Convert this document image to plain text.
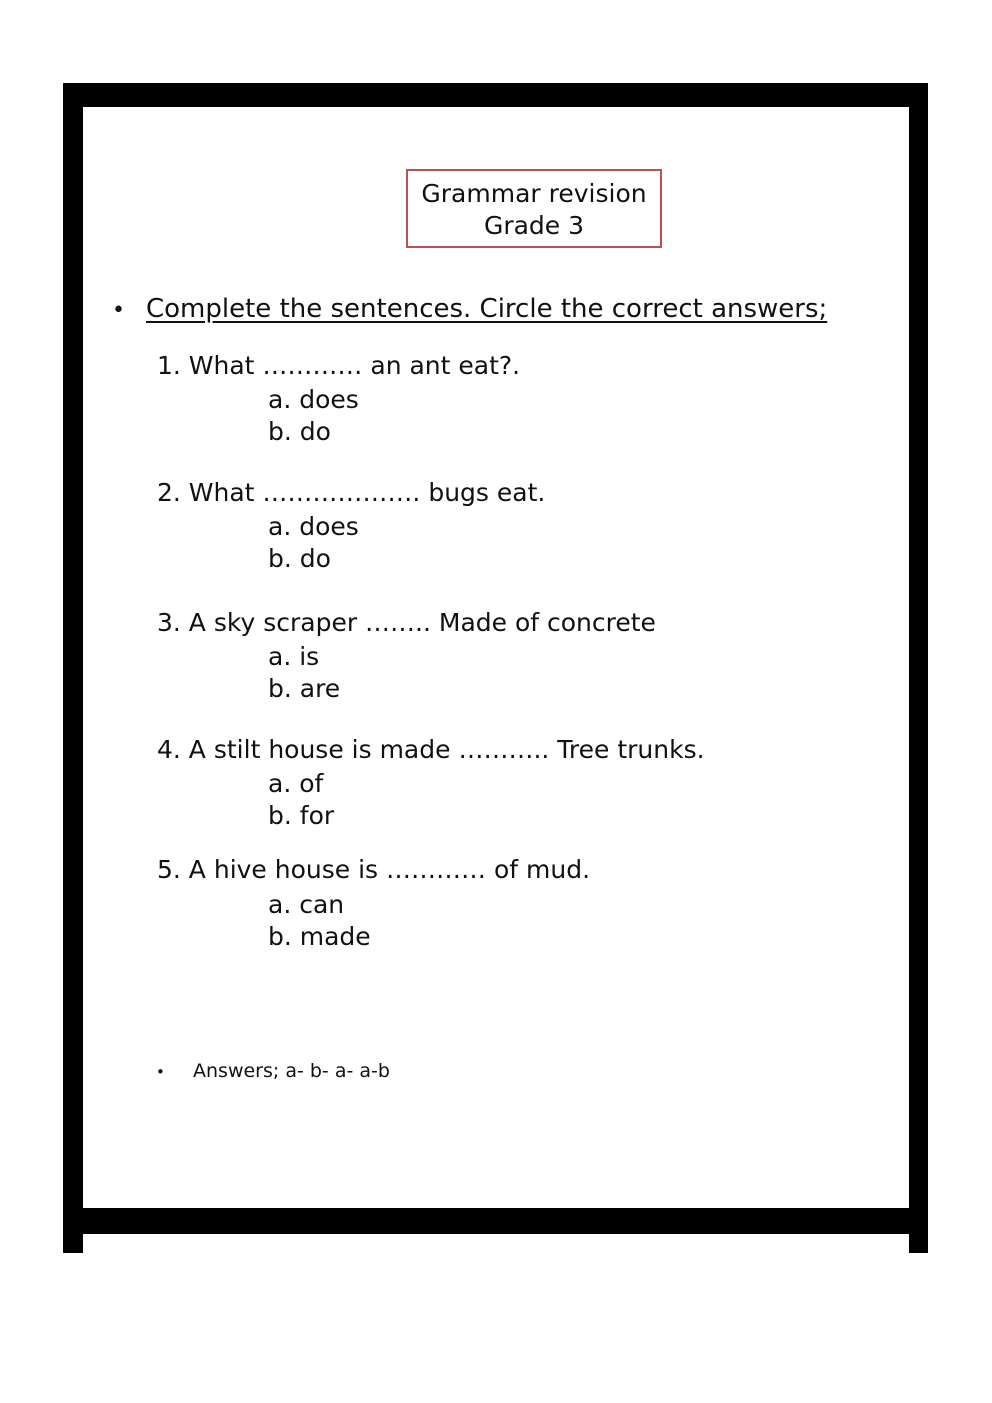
Grammar revision
Grade 3
• Complete the sentences. Circle the correct answers;
1. What ………… an ant eat?.
a. does
b. do
2. What ………………. bugs eat.
a. does
b. do
3. A sky scraper …….. Made of concrete
a. is
b. are
4. A stilt house is made ……….. Tree trunks.
a. of
b. for
5. A hive house is ………… of mud.
a. can
b. made
• Answers; a- b- a- a-b
